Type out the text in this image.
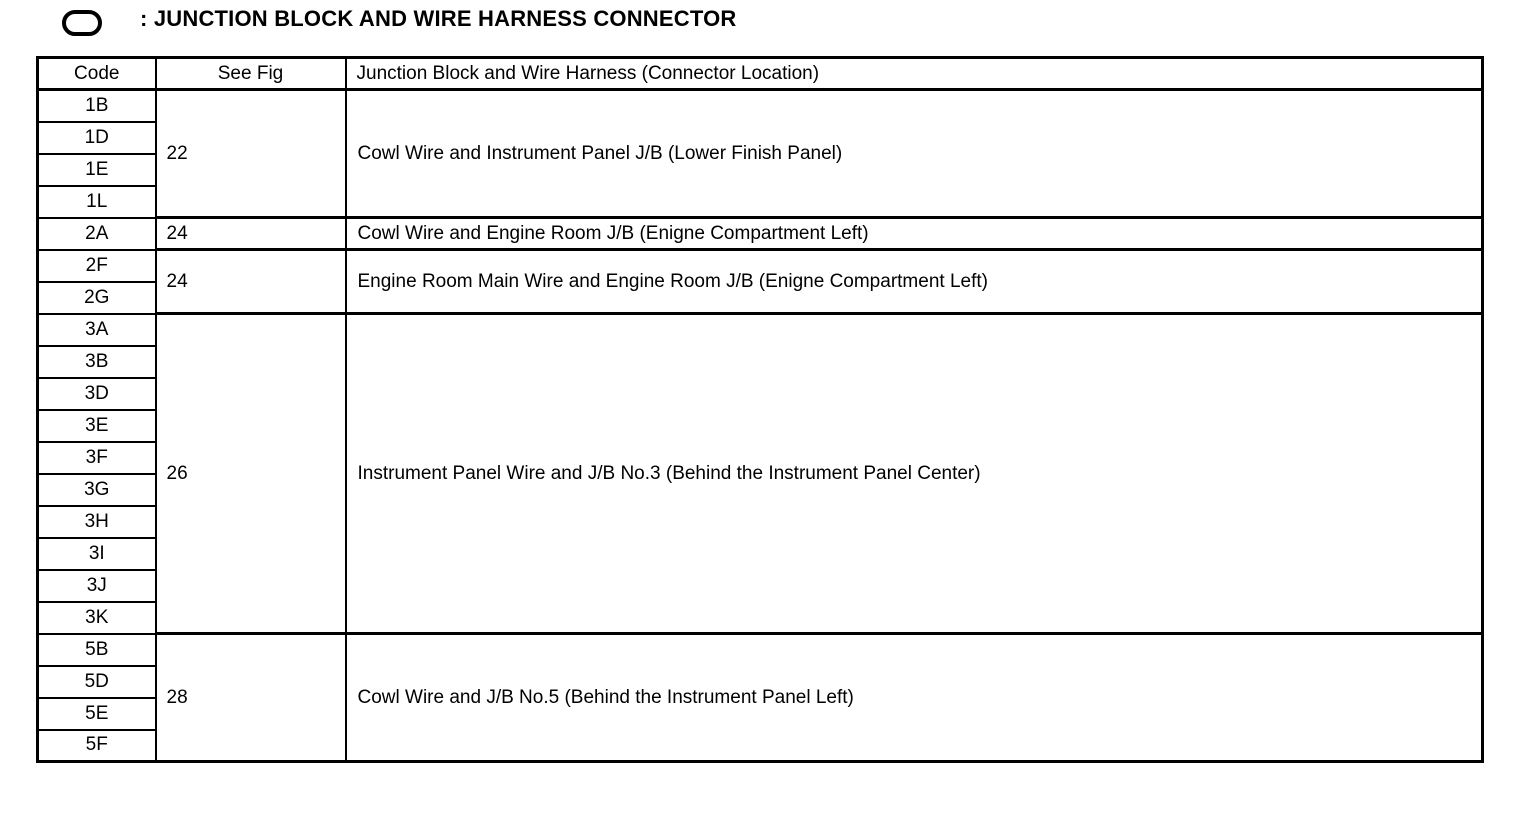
: JUNCTION BLOCK AND WIRE HARNESS CONNECTOR
Code	See Fig	Junction Block and Wire Harness (Connector Location)
1B	22	Cowl Wire and Instrument Panel J/B (Lower Finish Panel)
1D		
1E		
1L		
2A	24	Cowl Wire and Engine Room J/B (Enigne Compartment Left)
2F	24	Engine Room Main Wire and Engine Room J/B (Enigne Compartment Left)
2G		
3A	26	Instrument Panel Wire and J/B No.3 (Behind the Instrument Panel Center)
3B		
3D		
3E		
3F		
3G		
3H		
3I		
3J		
3K		
5B	28	Cowl Wire and J/B No.5 (Behind the Instrument Panel Left)
5D		
5E		
5F		
